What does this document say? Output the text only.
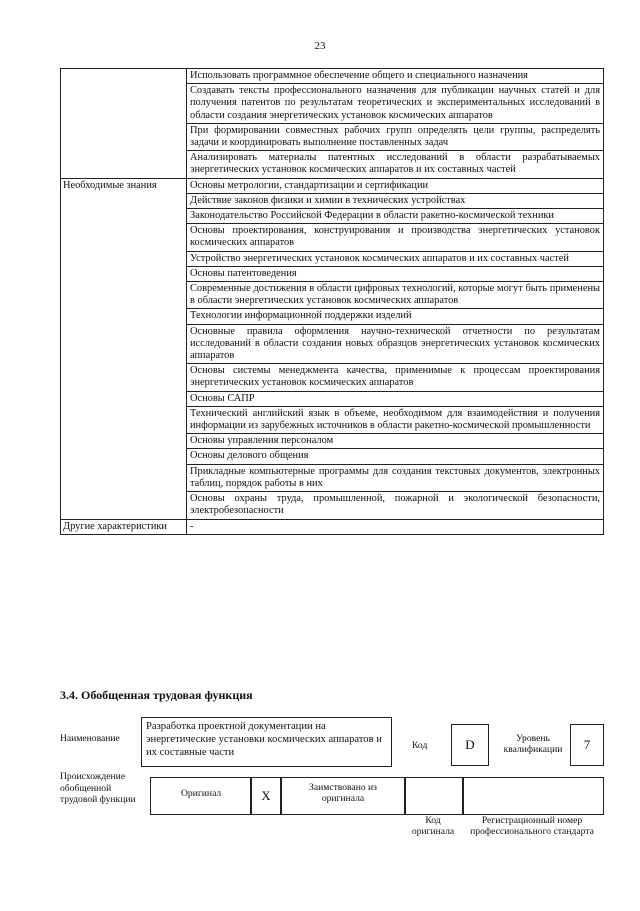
23
	Использовать программное обеспечение общего и специального назначения
	Создавать тексты профессионального назначения для публикации научных статей и для получения патентов по результатам теоретических и экспериментальных исследований в области создания энергетических установок космических аппаратов
	При формировании совместных рабочих групп определять цели группы, распределять задачи и координировать выполнение поставленных задач
	Анализировать материалы патентных исследований в области разрабатываемых энергетических установок космических аппаратов и их составных частей
Необходимые знания	Основы метрологии, стандартизации и сертификации
	Действие законов физики и химии в технических устройствах
	Законодательство Российской Федерации в области ракетно-космической техники
	Основы проектирования, конструирования и производства энергетических установок космических аппаратов
	Устройство энергетических установок космических аппаратов и их составных частей
	Основы патентоведения
	Современные достижения в области цифровых технологий, которые могут быть применены в области энергетических установок космических аппаратов
	Технологии информационной поддержки изделий
	Основные правила оформления научно-технической отчетности по результатам исследований в области создания новых образцов энергетических установок космических аппаратов
	Основы системы менеджмента качества, применимые к процессам проектирования энергетических установок космических аппаратов
	Основы САПР
	Технический английский язык в объеме, необходимом для взаимодействия и получения информации из зарубежных источников в области ракетно-космической промышленности
	Основы управления персоналом
	Основы делового общения
	Прикладные компьютерные программы для создания текстовых документов, электронных таблиц, порядок работы в них
	Основы охраны труда, промышленной, пожарной и экологической безопасности, электробезопасности
Другие характеристики	-
3.4. Обобщенная трудовая функция
Наименование
Разработка проектной документации на энергетические установки космических аппаратов и их составные части
Код	D	Уровень квалификации	7
Происхождение обобщенной трудовой функции
Оригинал	X
Заимствовано из оригинала
Код оригинала
Регистрационный номер профессионального стандарта
